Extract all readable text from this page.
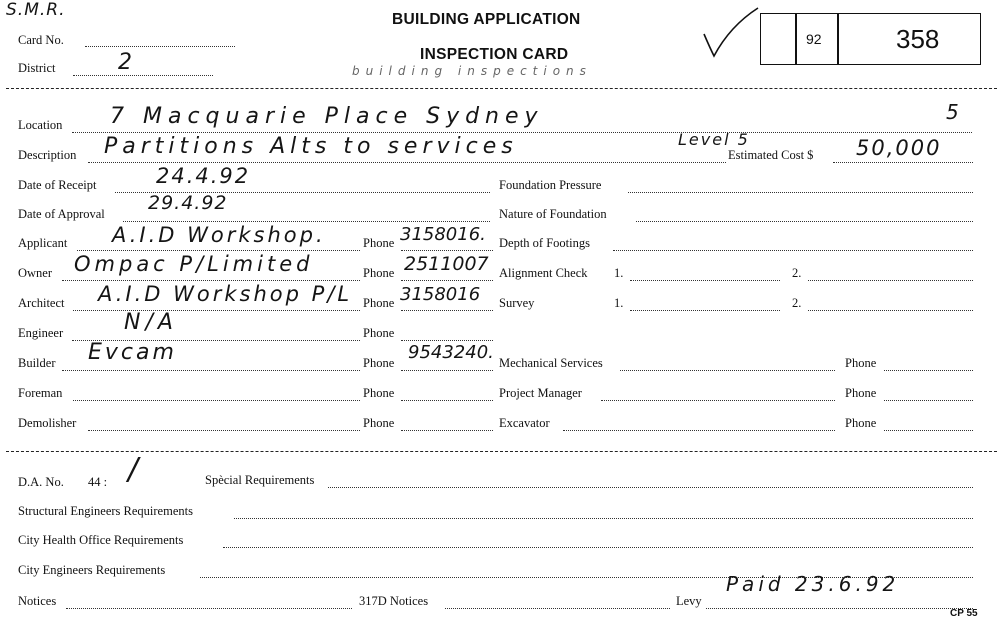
S.M.R.
Card No.
District	2	building inspections
BUILDING APPLICATION
INSPECTION CARD
92	358
Location 7 Macquarie Place Sydney	5
Description Partitions Alts to services	Level 5
Estimated Cost $ 50,000
Date of Receipt	24.4.92
Date of Approval 29.4.92
Applicant A.I.D Workshop.	Phone 3158016.
Owner Ompac P/Limited	Phone 2511007
Architect A.I.D Workshop P/L Phone 3158016
Engineer	N/A	Phone
Builder Evcam	Phone 9543240.
Foreman	Phone
Demolisher	Phone
Foundation Pressure
Nature of Foundation
Depth of Footings
Alignment Check 1.	2.
Survey	1.	2.
Mechanical Services	Phone
Project Manager	Phone
Excavator	Phone
D.A. No. 44 : /	Spècial Requirements
Structural Engineers Requirements
City Health Office Requirements
City Engineers Requirements
Notices	317D Notices	Levy
Paid 23.6.92
CP 55
